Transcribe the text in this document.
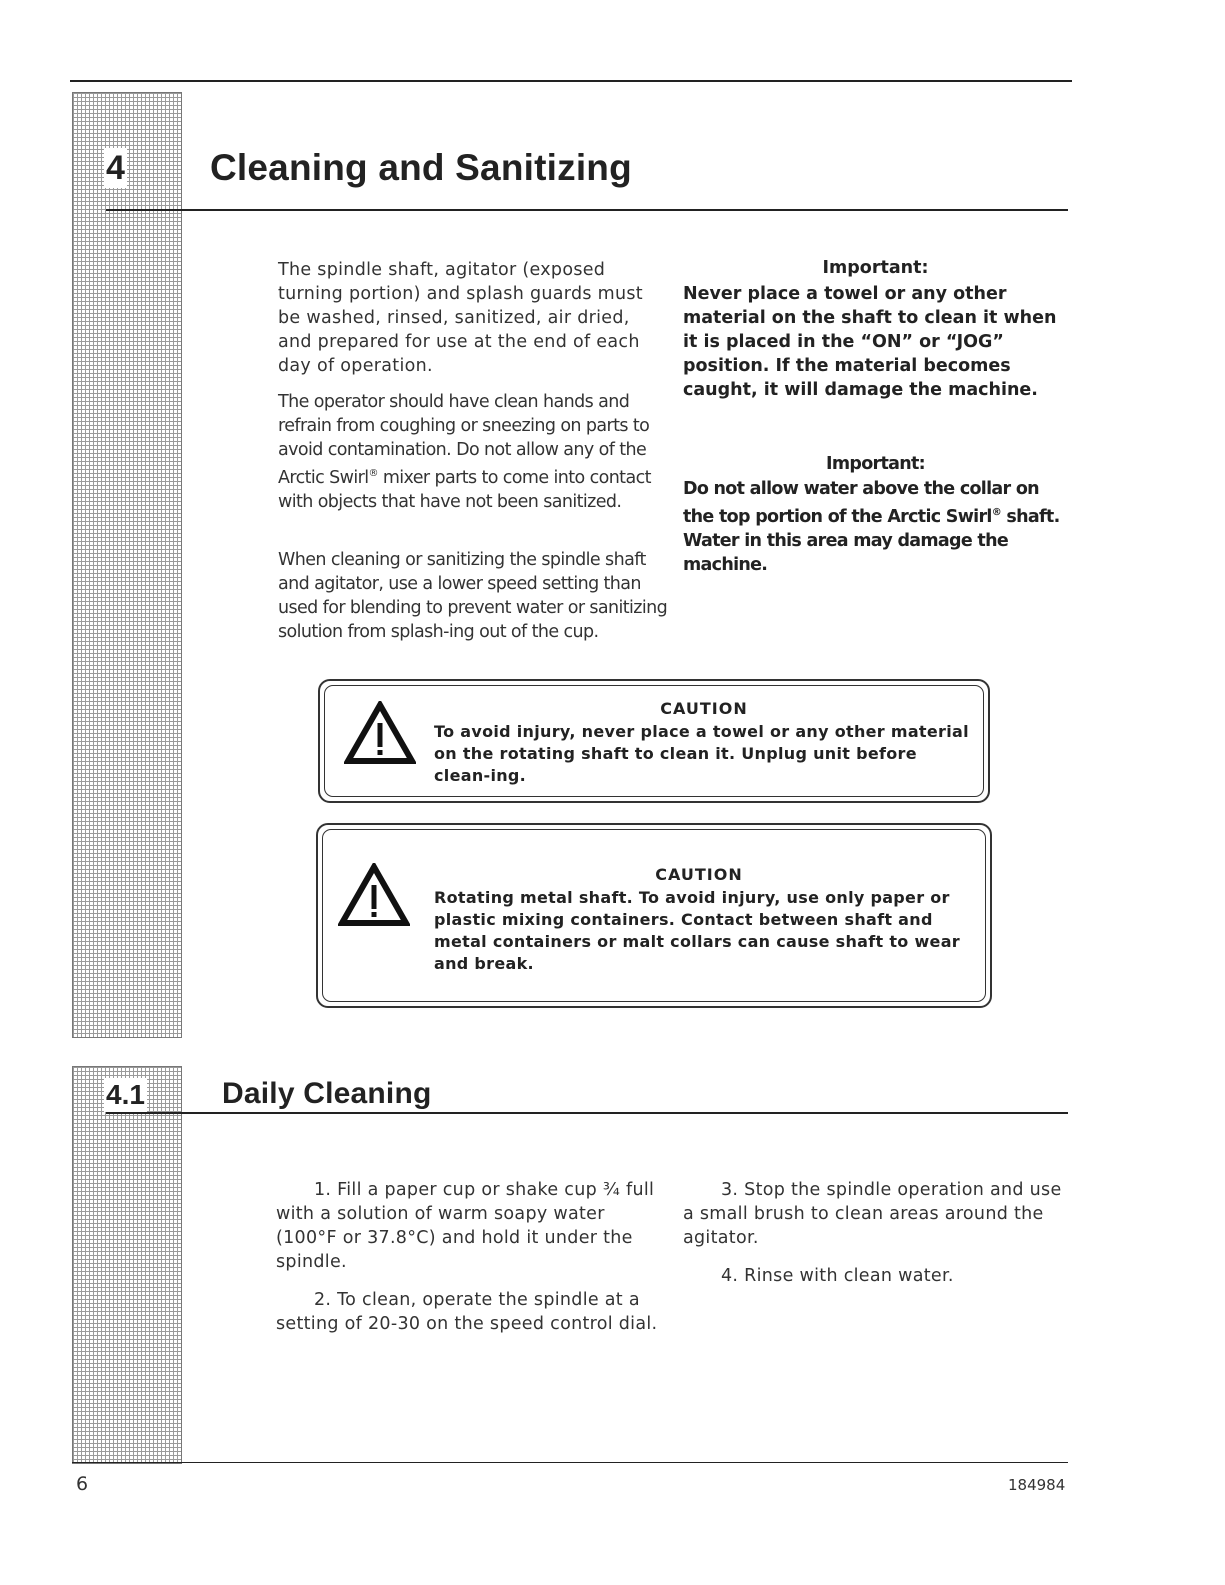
4 Cleaning and Sanitizing

The spindle shaft, agitator (exposed turning portion) and splash guards must be washed, rinsed, sanitized, air dried, and prepared for use at the end of each day of operation.

The operator should have clean hands and refrain from coughing or sneezing on parts to avoid contamination. Do not allow any of the Arctic Swirl® mixer parts to come into contact with objects that have not been sanitized.

When cleaning or sanitizing the spindle shaft and agitator, use a lower speed setting than used for blending to prevent water or sanitizing solution from splash-ing out of the cup.

Important:

Never place a towel or any other material on the shaft to clean it when it is placed in the “ON” or “JOG” position. If the material becomes caught, it will damage the machine.

Important:

Do not allow water above the collar on the top portion of the Arctic Swirl® shaft. Water in this area may damage the machine.

CAUTION

To avoid injury, never place a towel or any other material on the rotating shaft to clean it. Unplug unit before clean-ing.

CAUTION

Rotating metal shaft. To avoid injury, use only paper or plastic mixing containers. Contact between shaft and metal containers or malt collars can cause shaft to wear and break.

4.1	Daily Cleaning

1. Fill a paper cup or shake cup ¾ full with a solution of warm soapy water (100°F or 37.8°C) and hold it under the spindle.

2. To clean, operate the spindle at a setting of 20-30 on the speed control dial.

3. Stop the spindle operation and use a small brush to clean areas around the agitator.

4. Rinse with clean water.

6	184984
